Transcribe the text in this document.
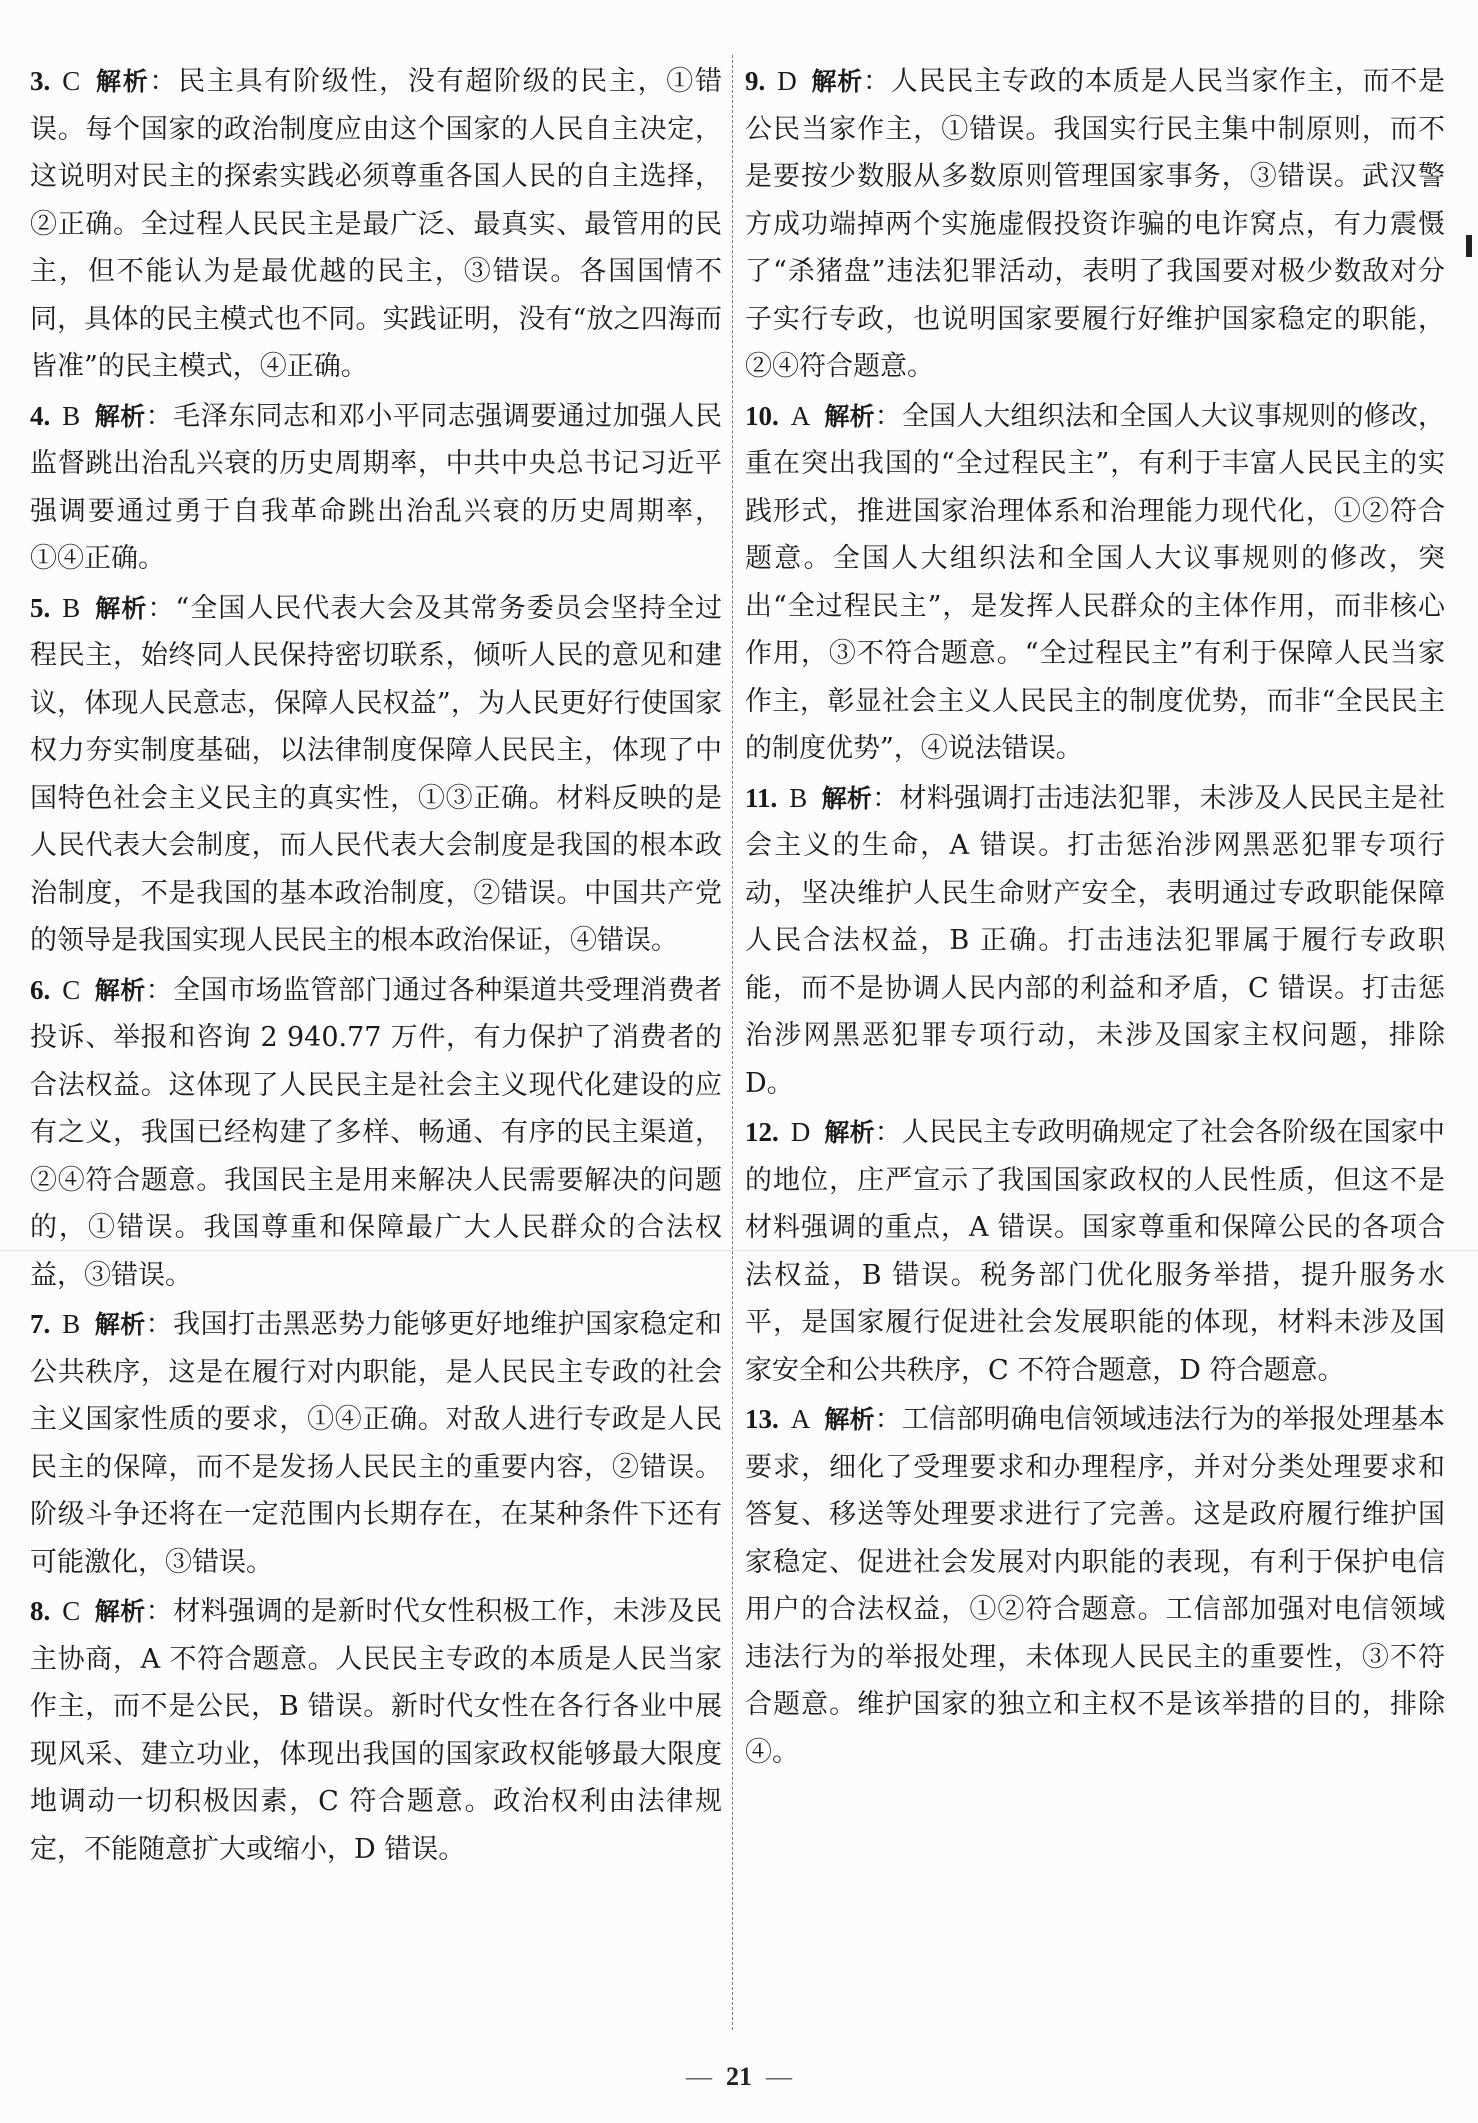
3. C 解析：民主具有阶级性，没有超阶级的民主，①错误。每个国家的政治制度应由这个国家的人民自主决定，这说明对民主的探索实践必须尊重各国人民的自主选择，②正确。全过程人民民主是最广泛、最真实、最管用的民主，但不能认为是最优越的民主，③错误。各国国情不同，具体的民主模式也不同。实践证明，没有“放之四海而皆准”的民主模式，④正确。
4. B 解析：毛泽东同志和邓小平同志强调要通过加强人民监督跳出治乱兴衰的历史周期率，中共中央总书记习近平强调要通过勇于自我革命跳出治乱兴衰的历史周期率，①④正确。
5. B 解析：“全国人民代表大会及其常务委员会坚持全过程民主，始终同人民保持密切联系，倾听人民的意见和建议，体现人民意志，保障人民权益”，为人民更好行使国家权力夯实制度基础，以法律制度保障人民民主，体现了中国特色社会主义民主的真实性，①③正确。材料反映的是人民代表大会制度，而人民代表大会制度是我国的根本政治制度，不是我国的基本政治制度，②错误。中国共产党的领导是我国实现人民民主的根本政治保证，④错误。
6. C 解析：全国市场监管部门通过各种渠道共受理消费者投诉、举报和咨询 2 940.77 万件，有力保护了消费者的合法权益。这体现了人民民主是社会主义现代化建设的应有之义，我国已经构建了多样、畅通、有序的民主渠道，②④符合题意。我国民主是用来解决人民需要解决的问题的，①错误。我国尊重和保障最广大人民群众的合法权益，③错误。
7. B 解析：我国打击黑恶势力能够更好地维护国家稳定和公共秩序，这是在履行对内职能，是人民民主专政的社会主义国家性质的要求，①④正确。对敌人进行专政是人民民主的保障，而不是发扬人民民主的重要内容，②错误。阶级斗争还将在一定范围内长期存在，在某种条件下还有可能激化，③错误。
8. C 解析：材料强调的是新时代女性积极工作，未涉及民主协商，A 不符合题意。人民民主专政的本质是人民当家作主，而不是公民，B 错误。新时代女性在各行各业中展现风采、建立功业，体现出我国的国家政权能够最大限度地调动一切积极因素，C 符合题意。政治权利由法律规定，不能随意扩大或缩小，D 错误。
9. D 解析：人民民主专政的本质是人民当家作主，而不是公民当家作主，①错误。我国实行民主集中制原则，而不是要按少数服从多数原则管理国家事务，③错误。武汉警方成功端掉两个实施虚假投资诈骗的电诈窝点，有力震慑了“杀猪盘”违法犯罪活动，表明了我国要对极少数敌对分子实行专政，也说明国家要履行好维护国家稳定的职能，②④符合题意。
10. A 解析：全国人大组织法和全国人大议事规则的修改，重在突出我国的“全过程民主”，有利于丰富人民民主的实践形式，推进国家治理体系和治理能力现代化，①②符合题意。全国人大组织法和全国人大议事规则的修改，突出“全过程民主”，是发挥人民群众的主体作用，而非核心作用，③不符合题意。“全过程民主”有利于保障人民当家作主，彰显社会主义人民民主的制度优势，而非“全民民主的制度优势”，④说法错误。
11. B 解析：材料强调打击违法犯罪，未涉及人民民主是社会主义的生命，A 错误。打击惩治涉网黑恶犯罪专项行动，坚决维护人民生命财产安全，表明通过专政职能保障人民合法权益，B 正确。打击违法犯罪属于履行专政职能，而不是协调人民内部的利益和矛盾，C 错误。打击惩治涉网黑恶犯罪专项行动，未涉及国家主权问题，排除 D。
12. D 解析：人民民主专政明确规定了社会各阶级在国家中的地位，庄严宣示了我国国家政权的人民性质，但这不是材料强调的重点，A 错误。国家尊重和保障公民的各项合法权益，B 错误。税务部门优化服务举措，提升服务水平，是国家履行促进社会发展职能的体现，材料未涉及国家安全和公共秩序，C 不符合题意，D 符合题意。
13. A 解析：工信部明确电信领域违法行为的举报处理基本要求，细化了受理要求和办理程序，并对分类处理要求和答复、移送等处理要求进行了完善。这是政府履行维护国家稳定、促进社会发展对内职能的表现，有利于保护电信用户的合法权益，①②符合题意。工信部加强对电信领域违法行为的举报处理，未体现人民民主的重要性，③不符合题意。维护国家的独立和主权不是该举措的目的，排除④。
— 21 —
